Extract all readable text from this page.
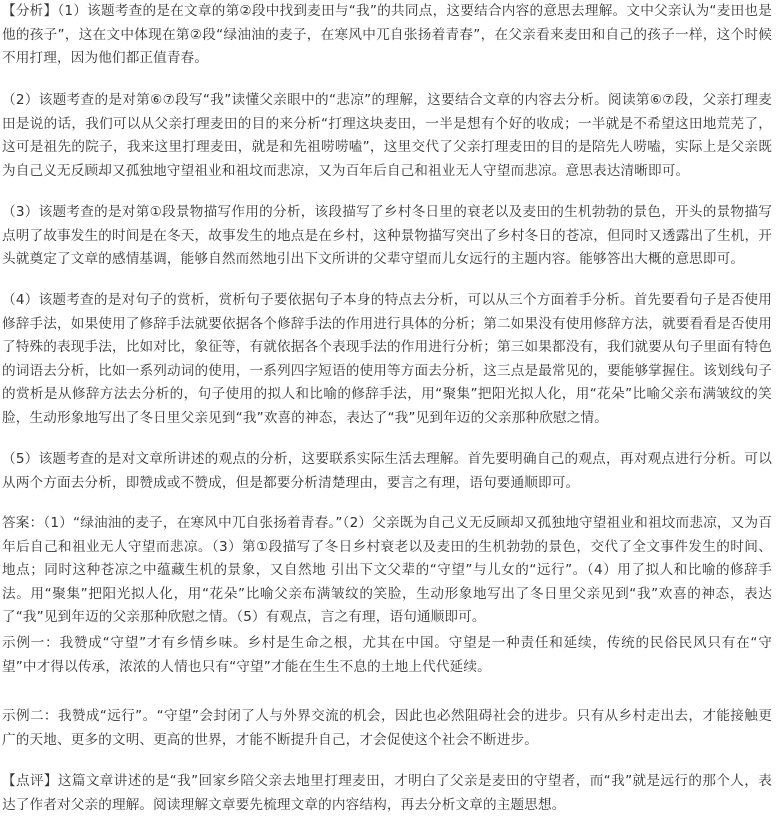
【分析】（1）该题考查的是在文章的第②段中找到麦田与“我”的共同点，这要结合内容的意思去理解。文中父亲认为“麦田也是他的孩子”，这在文中体现在第②段“绿油油的麦子，在寒风中兀自张扬着青春”，在父亲看来麦田和自己的孩子一样，这个时候不用打理，因为他们都正值青春。

（2）该题考查的是对第⑥⑦段写“我”读懂父亲眼中的“悲凉”的理解，这要结合文章的内容去分析。阅读第⑥⑦段，父亲打理麦田是说的话，我们可以从父亲打理麦田的目的来分析“打理这块麦田，一半是想有个好的收成；一半就是不希望这田地荒芜了，这可是祖先的院子，我来这里打理麦田，就是和先祖唠唠嗑”，这里交代了父亲打理麦田的目的是陪先人唠嗑，实际上是父亲既为自己义无反顾却又孤独地守望祖业和祖坟而悲凉，又为百年后自己和祖业无人守望而悲凉。意思表达清晰即可。

（3）该题考查的是对第①段景物描写作用的分析，该段描写了乡村冬日里的衰老以及麦田的生机勃勃的景色，开头的景物描写点明了故事发生的时间是在冬天，故事发生的地点是在乡村，这种景物描写突出了乡村冬日的苍凉，但同时又透露出了生机，开头就奠定了文章的感情基调，能够自然而然地引出下文所讲的父辈守望而儿女远行的主题内容。能够答出大概的意思即可。

（4）该题考查的是对句子的赏析，赏析句子要依据句子本身的特点去分析，可以从三个方面着手分析。首先要看句子是否使用修辞手法，如果使用了修辞手法就要依据各个修辞手法的作用进行具体的分析；第二如果没有使用修辞方法，就要看看是否使用了特殊的表现手法，比如对比，象征等，有就依据各个表现手法的作用进行分析；第三如果都没有，我们就要从句子里面有特色的词语去分析，比如一系列动词的使用，一系列四字短语的使用等方面去分析，这三点是最常见的，要能够掌握住。该划线句子的赏析是从修辞方法去分析的，句子使用的拟人和比喻的修辞手法，用“聚集”把阳光拟人化，用“花朵”比喻父亲布满皱纹的笑脸，生动形象地写出了冬日里父亲见到“我”欢喜的神态，表达了“我”见到年迈的父亲那种欣慰之情。

（5）该题考查的是对文章所讲述的观点的分析，这要联系实际生活去理解。首先要明确自己的观点，再对观点进行分析。可以从两个方面去分析，即赞成或不赞成，但是都要分析清楚理由，要言之有理，语句要通顺即可。

答案：（1）“绿油油的麦子，在寒风中兀自张扬着青春。”（2）父亲既为自己义无反顾却又孤独地守望祖业和祖坟而悲凉，又为百年后自己和祖业无人守望而悲凉。（3）第①段描写了冬日乡村衰老以及麦田的生机勃勃的景色，交代了全文事件发生的时间、地点；同时这种苍凉之中蕴藏生机的景象，又自然地 引出下文父辈的“守望”与儿女的“远行”。（4）用了拟人和比喻的修辞手法。用“聚集”把阳光拟人化，用“花朵”比喻父亲布满皱纹的笑脸，生动形象地写出了冬日里父亲见到“我”欢喜的神态，表达了“我”见到年迈的父亲那种欣慰之情。（5）有观点，言之有理，语句通顺即可。

示例一：我赞成“守望”才有乡情乡味。乡村是生命之根，尤其在中国。守望是一种责任和延续，传统的民俗民风只有在“守望”中才得以传承，浓浓的人情也只有“守望”才能在生生不息的土地上代代延续。

示例二：我赞成“远行”。“守望”会封闭了人与外界交流的机会，因此也必然阻碍社会的进步。只有从乡村走出去，才能接触更广的天地、更多的文明、更高的世界，才能不断提升自己，才会促使这个社会不断进步。

【点评】这篇文章讲述的是“我”回家乡陪父亲去地里打理麦田，才明白了父亲是麦田的守望者，而“我”就是远行的那个人，表达了作者对父亲的理解。阅读理解文章要先梳理文章的内容结构，再去分析文章的主题思想。
